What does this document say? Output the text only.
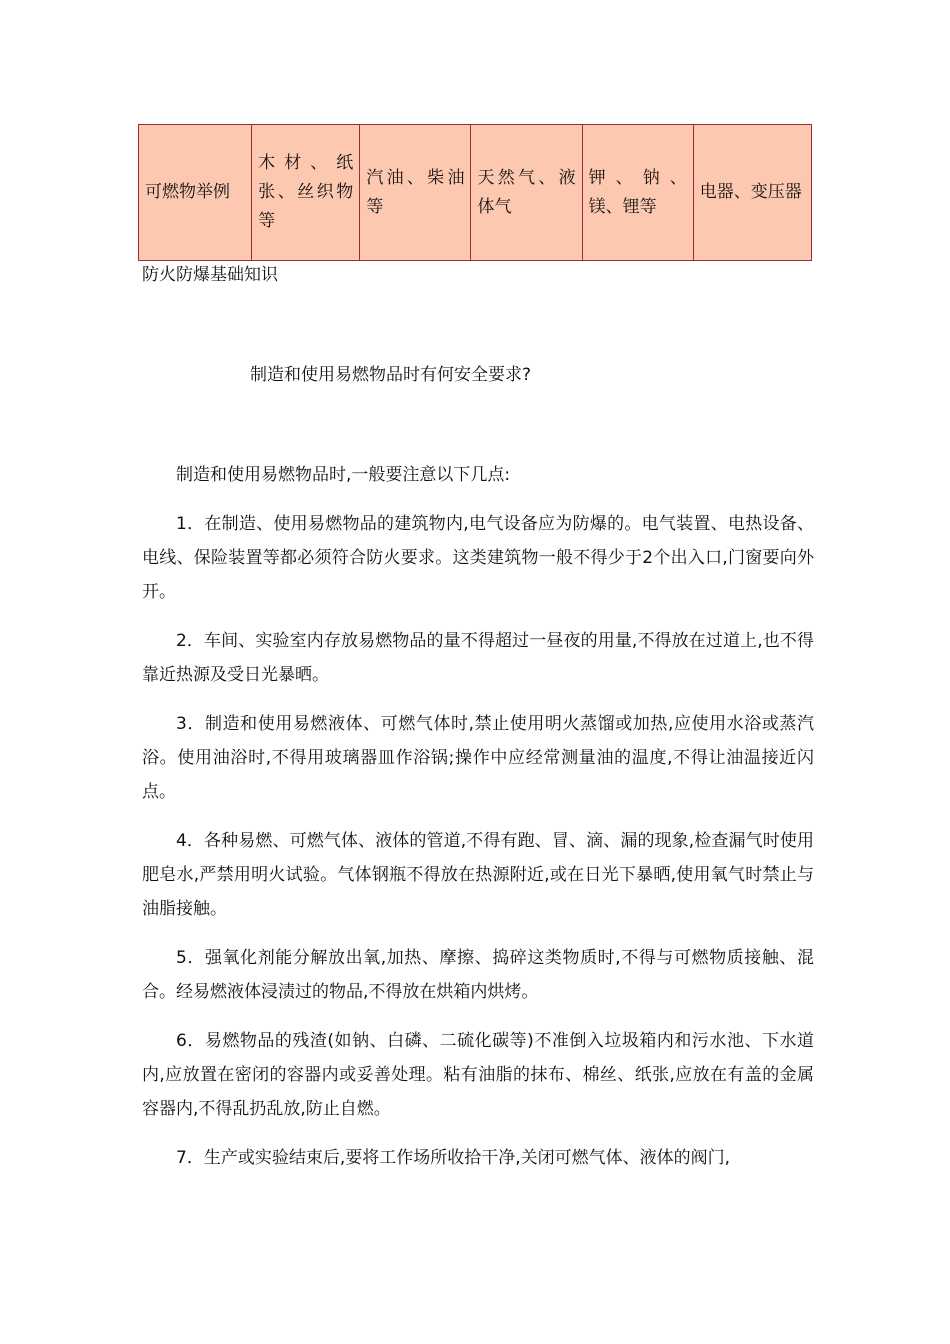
可燃物举例	木材、纸张、丝织物等	汽油、柴油等	天然气、液体气	钾、钠、镁、锂等	电器、变压器
防火防爆基础知识
制造和使用易燃物品时有何安全要求?

制造和使用易燃物品时,一般要注意以下几点:

1．在制造、使用易燃物品的建筑物内,电气设备应为防爆的。电气装置、电热设备、电线、保险装置等都必须符合防火要求。这类建筑物一般不得少于2个出入口,门窗要向外开。

2．车间、实验室内存放易燃物品的量不得超过一昼夜的用量,不得放在过道上,也不得靠近热源及受日光暴晒。

3．制造和使用易燃液体、可燃气体时,禁止使用明火蒸馏或加热,应使用水浴或蒸汽浴。使用油浴时,不得用玻璃器皿作浴锅;操作中应经常测量油的温度,不得让油温接近闪点。

4．各种易燃、可燃气体、液体的管道,不得有跑、冒、滴、漏的现象,检查漏气时使用肥皂水,严禁用明火试验。气体钢瓶不得放在热源附近,或在日光下暴晒,使用氧气时禁止与油脂接触。

5．强氧化剂能分解放出氧,加热、摩擦、捣碎这类物质时,不得与可燃物质接触、混合。经易燃液体浸渍过的物品,不得放在烘箱内烘烤。

6．易燃物品的残渣(如钠、白磷、二硫化碳等)不准倒入垃圾箱内和污水池、下水道内,应放置在密闭的容器内或妥善处理。粘有油脂的抹布、棉丝、纸张,应放在有盖的金属容器内,不得乱扔乱放,防止自燃。

7．生产或实验结束后,要将工作场所收拾干净,关闭可燃气体、液体的阀门,
